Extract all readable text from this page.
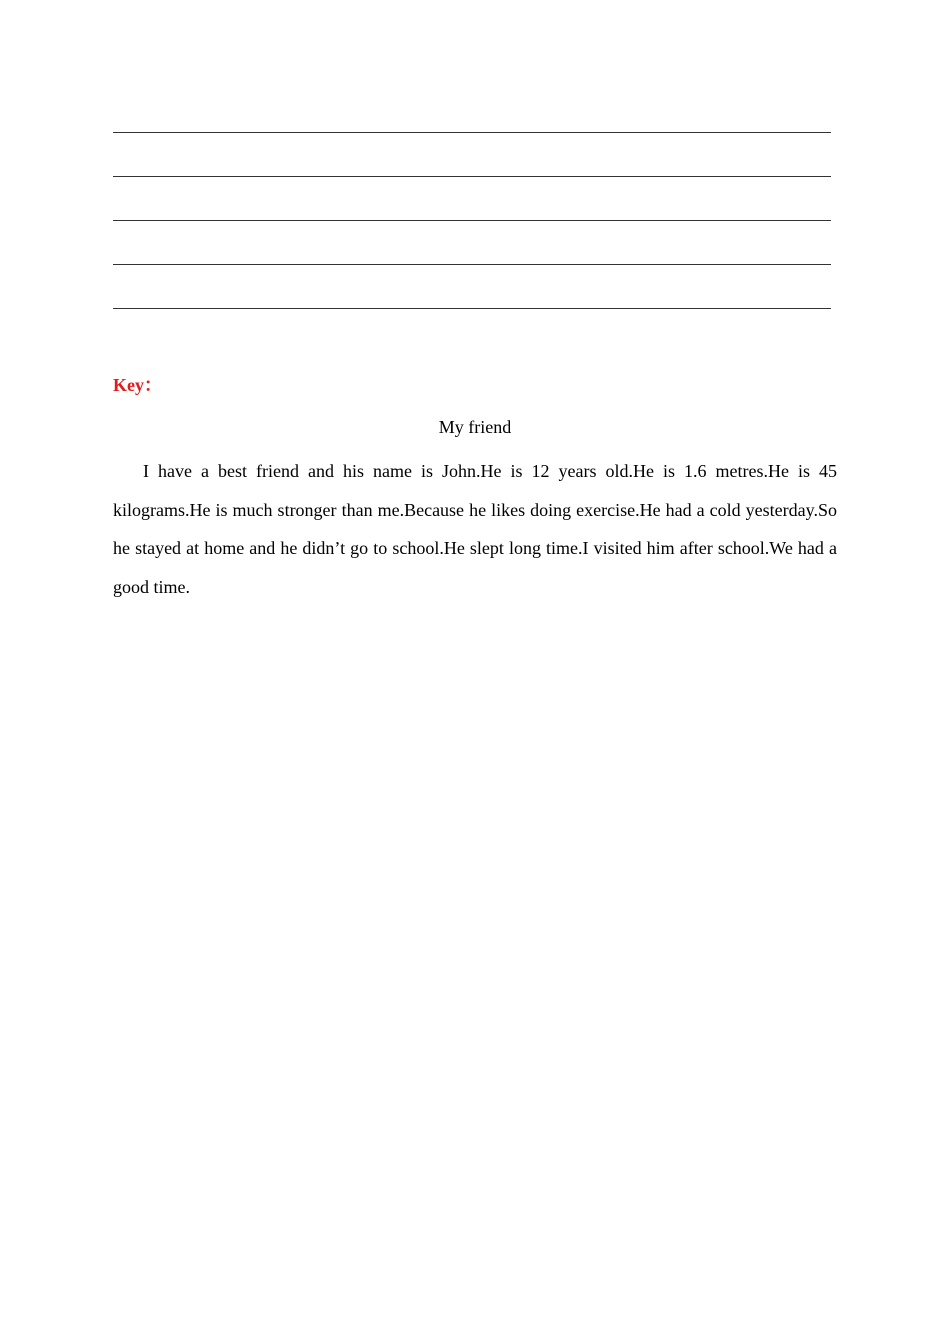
Key：
My friend

I have a best friend and his name is John.He is 12 years old.He is 1.6 metres.He is 45 kilograms.He is much stronger than me.Because he likes doing exercise.He had a cold yesterday.So he stayed at home and he didn’t go to school.He slept long time.I visited him after school.We had a good time.
